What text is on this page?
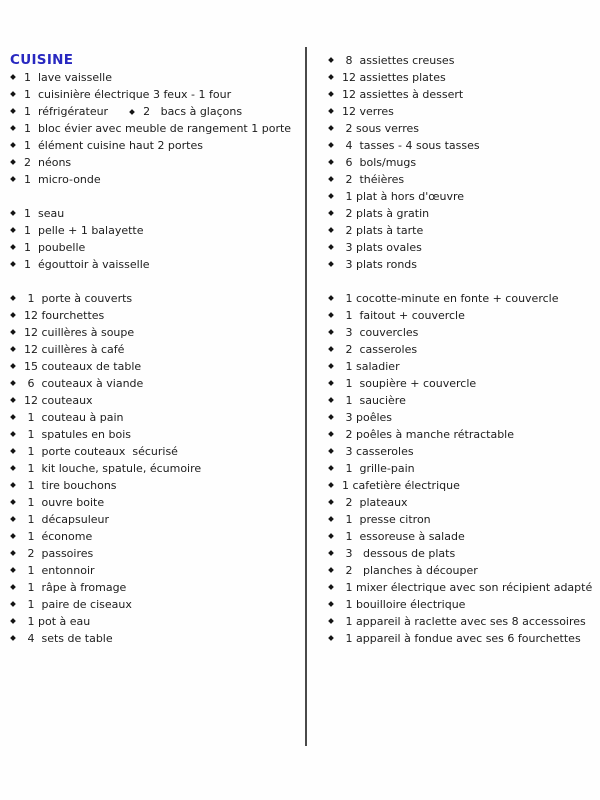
CUISINE
1  lave vaisselle
1  cuisinière électrique 3 feux - 1 four
1  réfrigérateur	2   bacs à glaçons
1  bloc évier avec meuble de rangement 1 porte
1  élément cuisine haut 2 portes
2  néons
1  micro-onde
1  seau
1  pelle + 1 balayette
1  poubelle
1  égouttoir à vaisselle
1  porte à couverts
12 fourchettes
12 cuillères à soupe
12 cuillères à café
15 couteaux de table
6  couteaux à viande
12 couteaux
1  couteau à pain
1  spatules en bois
1  porte couteaux  sécurisé
1  kit louche, spatule, écumoire
1  tire bouchons
1  ouvre boite
1  décapsuleur
1  économe
2  passoires
1  entonnoir
1  râpe à fromage
1  paire de ciseaux
1 pot à eau
4  sets de table
8  assiettes creuses
12 assiettes plates
12 assiettes à dessert
12 verres
2 sous verres
4  tasses - 4 sous tasses
6  bols/mugs
2  théières
1 plat à hors d'œuvre
2 plats à gratin
2 plats à tarte
3 plats ovales
3 plats ronds
1 cocotte-minute en fonte + couvercle
1  faitout + couvercle
3  couvercles
2  casseroles
1 saladier
1  soupière + couvercle
1  saucière
3 poêles
2 poêles à manche rétractable
3 casseroles
1  grille-pain
1 cafetière électrique
2  plateaux
1  presse citron
1  essoreuse à salade
3   dessous de plats
2   planches à découper
1 mixer électrique avec son récipient adapté
1 bouilloire électrique
1 appareil à raclette avec ses 8 accessoires
1 appareil à fondue avec ses 6 fourchettes
